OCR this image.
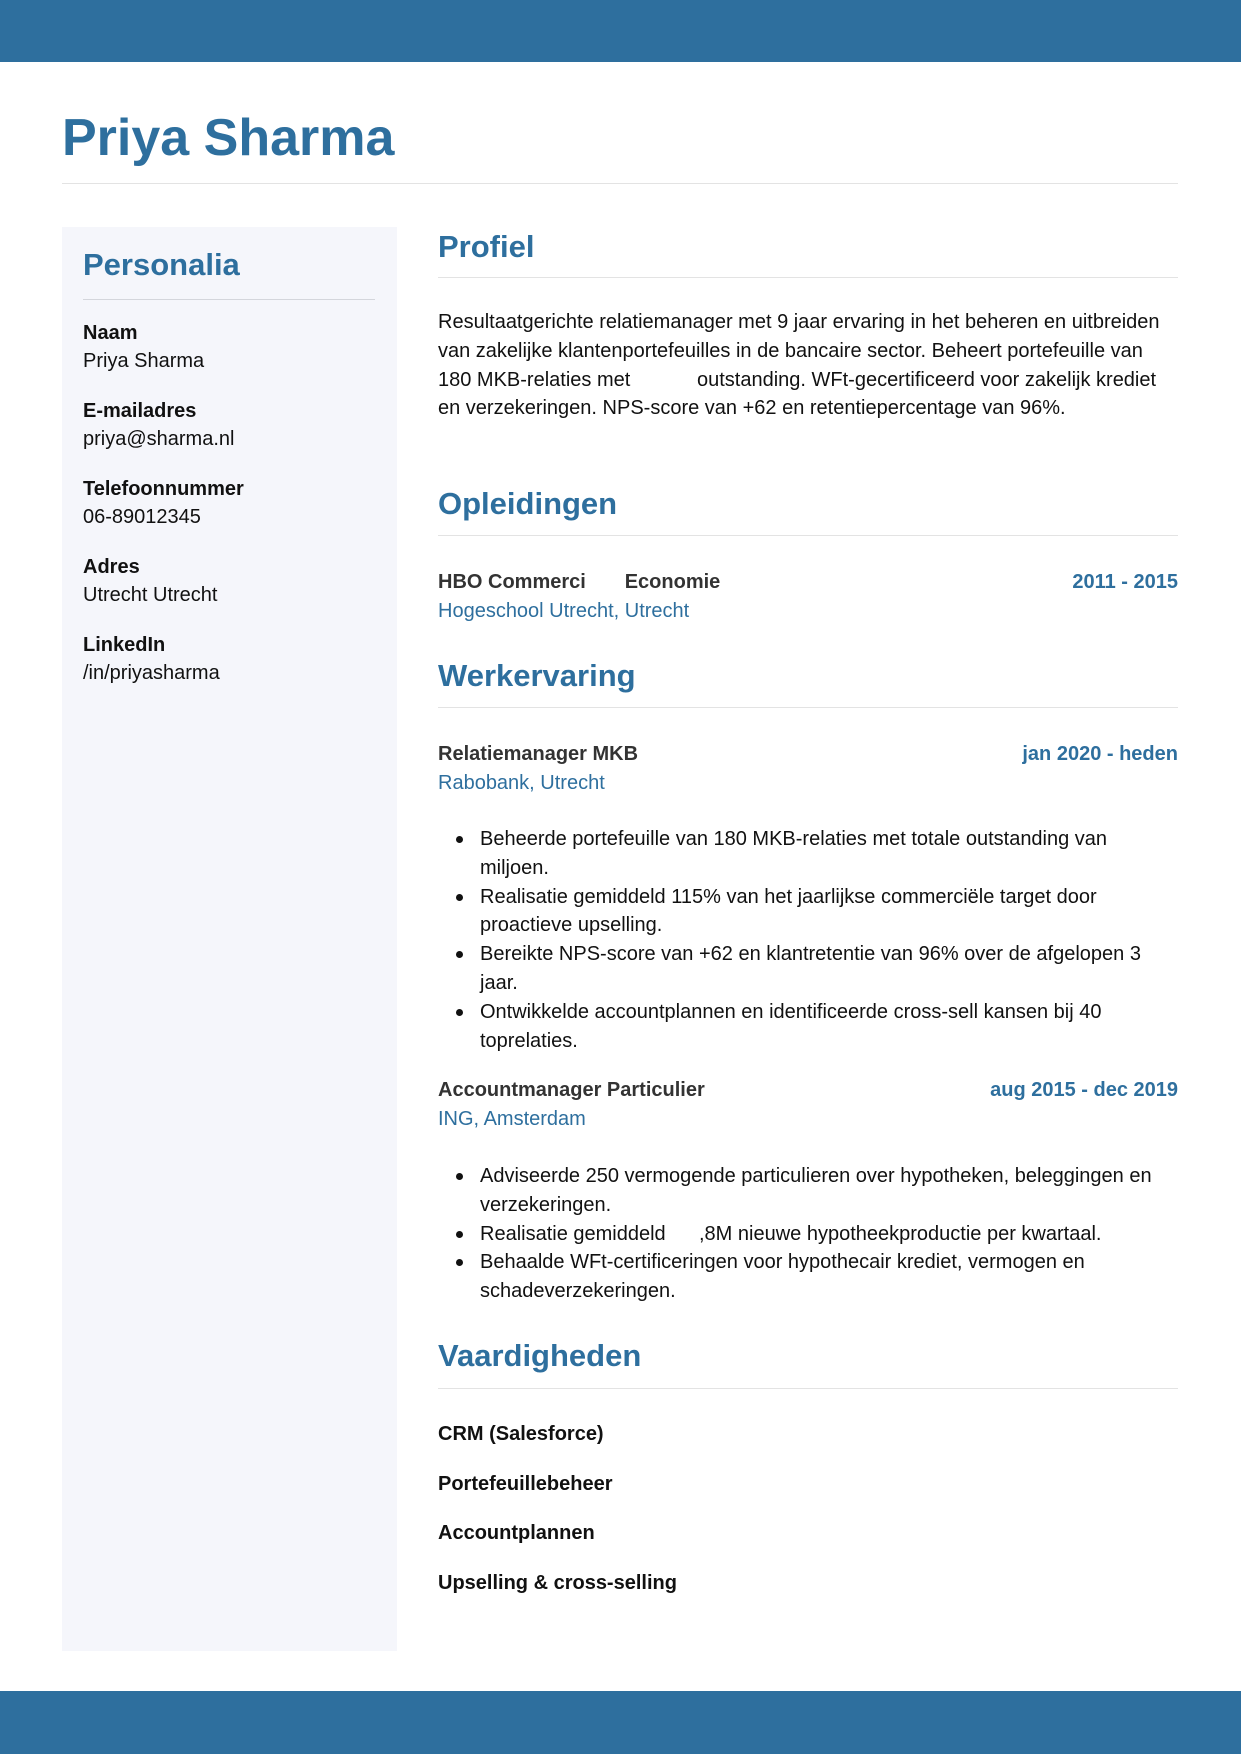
Priya Sharma
Personalia
Naam
Priya Sharma
E-mailadres
priya@sharma.nl
Telefoonnummer
06-89012345
Adres
Utrecht Utrecht
LinkedIn
/in/priyasharma
Profiel

Resultaatgerichte relatiemanager met 9 jaar ervaring in het beheren en uitbreiden van zakelijke klantenportefeuilles in de bancaire sector. Beheert portefeuille van 180 MKB-relaties met            outstanding. WFt-gecertificeerd voor zakelijk krediet en verzekeringen. NPS-score van +62 en retentiepercentage van 96%.

Opleidingen
HBO Commerci       Economie	2011 - 2015
Hogeschool Utrecht, Utrecht
Werkervaring
Relatiemanager MKB	jan 2020 - heden
Rabobank, Utrecht
Beheerde portefeuille van 180 MKB-relaties met totale outstanding van         miljoen.
Realisatie gemiddeld 115% van het jaarlijkse commerciële target door proactieve upselling.
Bereikte NPS-score van +62 en klantretentie van 96% over de afgelopen 3 jaar.
Ontwikkelde accountplannen en identificeerde cross-sell kansen bij 40 toprelaties.
Accountmanager Particulier	aug 2015 - dec 2019
ING, Amsterdam
Adviseerde 250 vermogende particulieren over hypotheken, beleggingen en verzekeringen.
Realisatie gemiddeld      ,8M nieuwe hypotheekproductie per kwartaal.
Behaalde WFt-certificeringen voor hypothecair krediet, vermogen en schadeverzekeringen.
Vaardigheden
CRM (Salesforce)
Portefeuillebeheer
Accountplannen
Upselling & cross-selling
